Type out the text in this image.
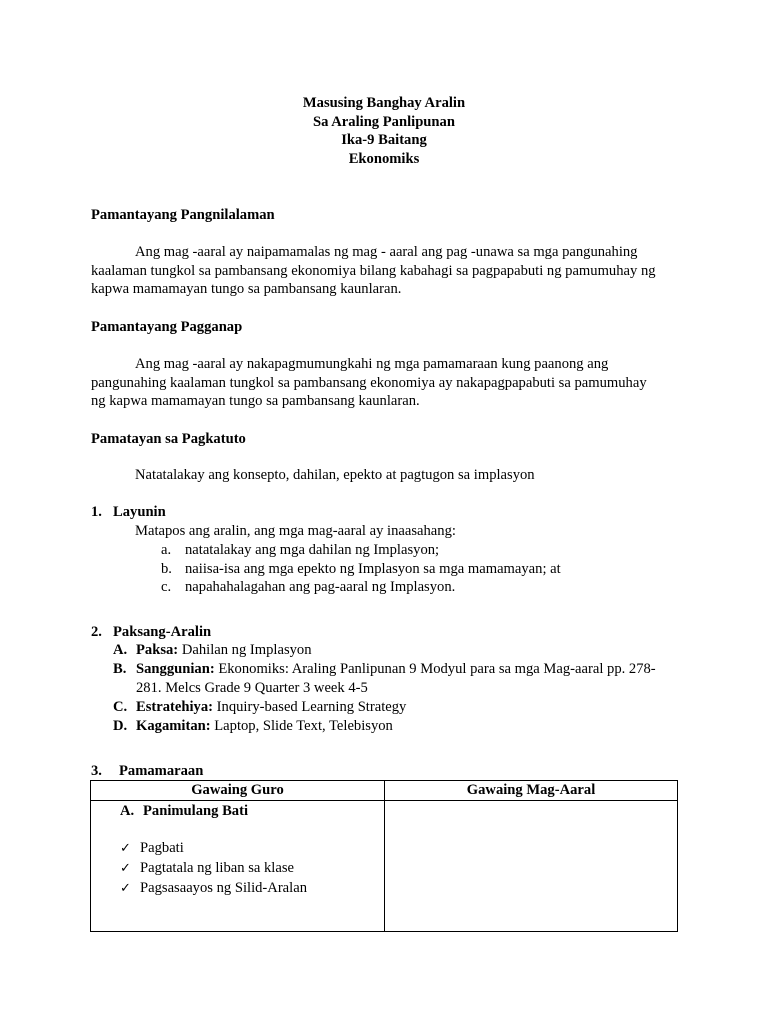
Masusing Banghay Aralin
Sa Araling Panlipunan
Ika-9 Baitang
Ekonomiks
Pamantayang Pangnilalaman
Ang mag -aaral ay naipamamalas ng mag - aaral ang pag -unawa sa mga pangunahing
kaalaman tungkol sa pambansang ekonomiya bilang kabahagi sa pagpapabuti ng pamumuhay ng
kapwa mamamayan tungo sa pambansang kaunlaran.
Pamantayang Pagganap
Ang mag -aaral ay nakapagmumungkahi ng mga pamamaraan kung paanong ang
pangunahing kaalaman tungkol sa pambansang ekonomiya ay nakapagpapabuti sa pamumuhay
ng kapwa mamamayan tungo sa pambansang kaunlaran.
Pamatayan sa Pagkatuto
Natatalakay ang konsepto, dahilan, epekto at pagtugon sa implasyon
1. Layunin
Matapos ang aralin, ang mga mag-aaral ay inaasahang:
a. natatalakay ang mga dahilan ng Implasyon;
b. naiisa-isa ang mga epekto ng Implasyon sa mga mamamayan; at
c. napahahalagahan ang pag-aaral ng Implasyon.
2. Paksang-Aralin
A. Paksa: Dahilan ng Implasyon
B. Sanggunian: Ekonomiks: Araling Panlipunan 9 Modyul para sa mga Mag-aaral pp. 278-
281. Melcs Grade 9 Quarter 3 week 4-5
C. Estratehiya: Inquiry-based Learning Strategy
D. Kagamitan: Laptop, Slide Text, Telebisyon
3. Pamamaraan
Gawaing Guro	Gawaing Mag-Aaral

A. Panimulang Bati
✓ Pagbati
✓ Pagtatala ng liban sa klase
✓ Pagsasaayos ng Silid-Aralan	
